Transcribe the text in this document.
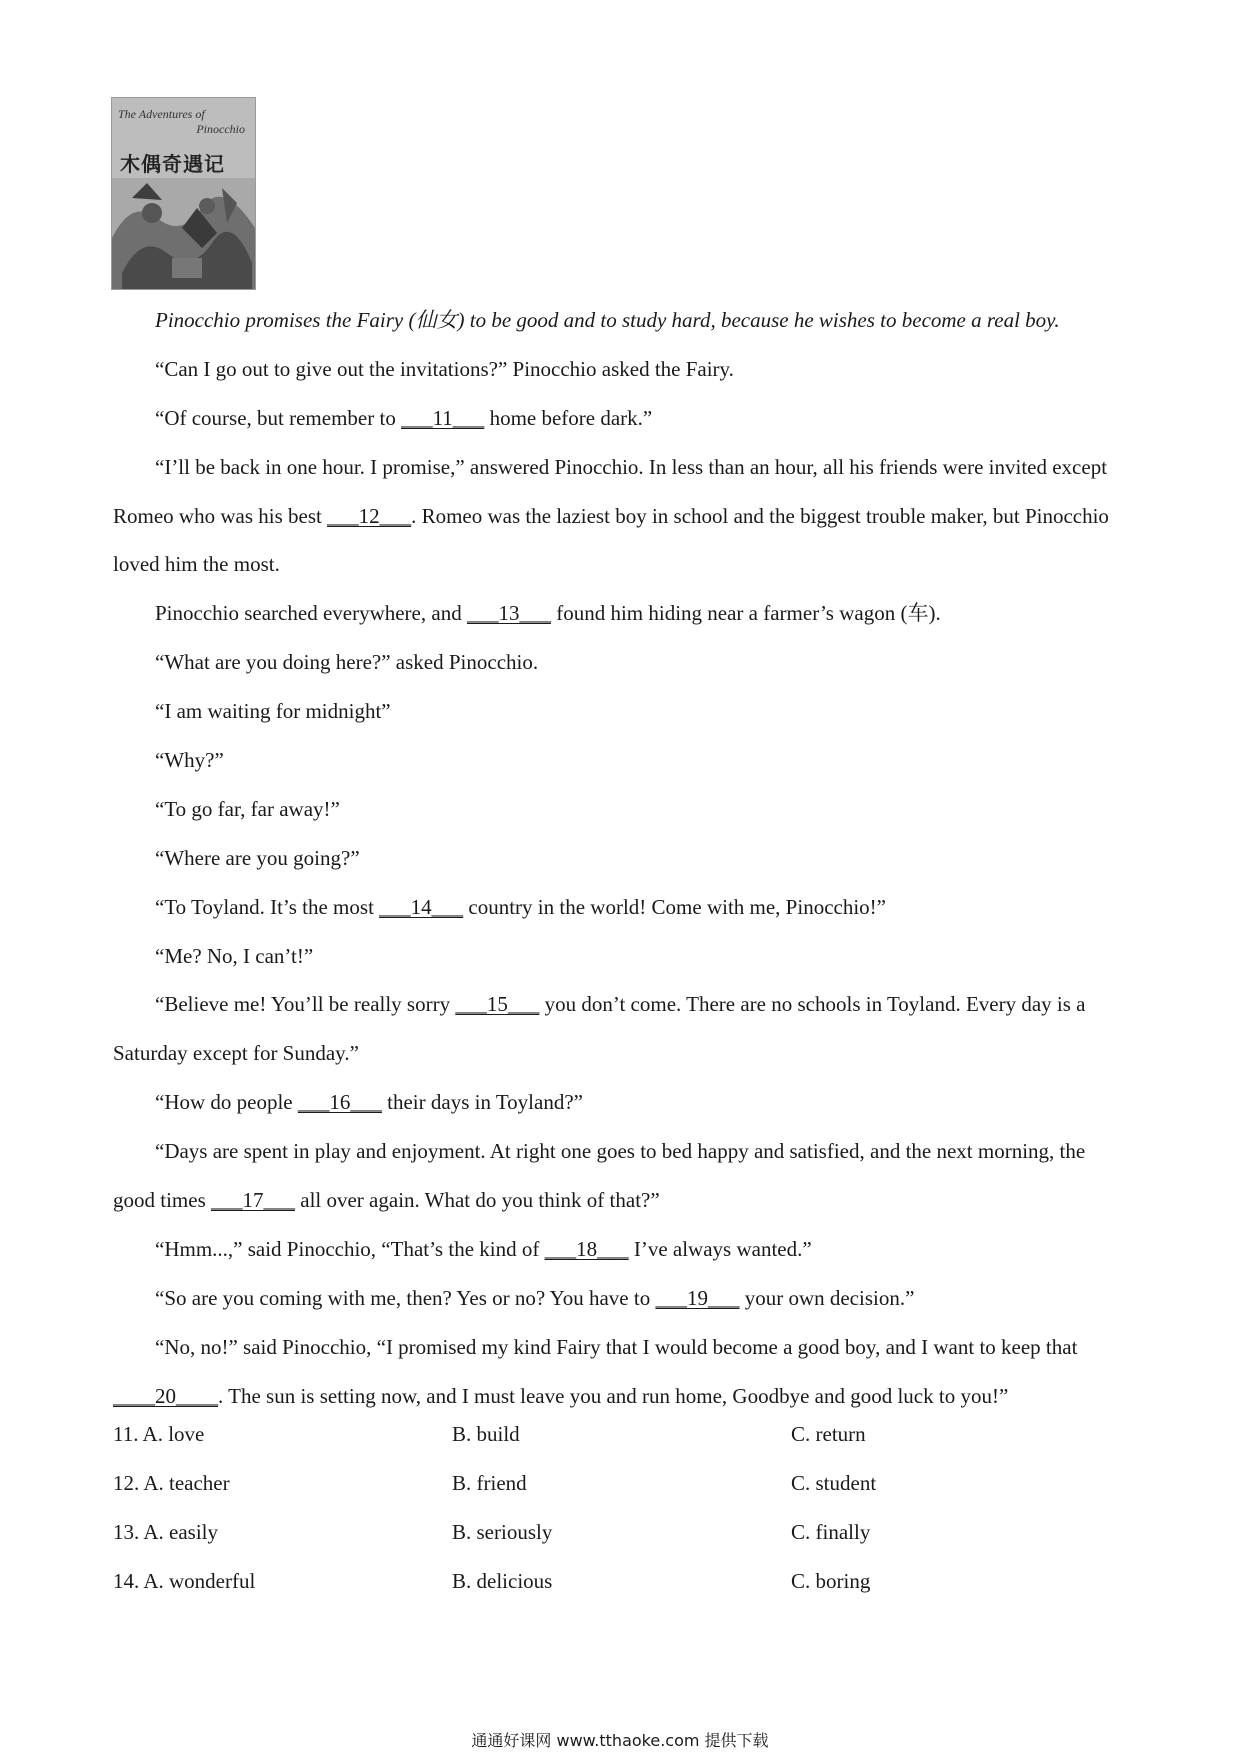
The Adventures of
Pinocchio
木偶奇遇记
Pinocchio promises the Fairy (仙女) to be good and to study hard, because he wishes to become a real boy.
“Can I go out to give out the invitations?” Pinocchio asked the Fairy.
“Of course, but remember to ___11___ home before dark.”
“I’ll be back in one hour. I promise,” answered Pinocchio. In less than an hour, all his friends were invited except
Romeo who was his best ___12___. Romeo was the laziest boy in school and the biggest trouble maker, but Pinocchio
loved him the most.
Pinocchio searched everywhere, and ___13___ found him hiding near a farmer’s wagon (车).
“What are you doing here?” asked Pinocchio.
“I am waiting for midnight”
“Why?”
“To go far, far away!”
“Where are you going?”
“To Toyland. It’s the most ___14___ country in the world! Come with me, Pinocchio!”
“Me? No, I can’t!”
“Believe me! You’ll be really sorry ___15___ you don’t come. There are no schools in Toyland. Every day is a
Saturday except for Sunday.”
“How do people ___16___ their days in Toyland?”
“Days are spent in play and enjoyment. At right one goes to bed happy and satisfied, and the next morning, the
good times ___17___ all over again. What do you think of that?”
“Hmm...,” said Pinocchio, “That’s the kind of ___18___ I’ve always wanted.”
“So are you coming with me, then? Yes or no? You have to ___19___ your own decision.”
“No, no!” said Pinocchio, “I promised my kind Fairy that I would become a good boy, and I want to keep that
____20____. The sun is setting now, and I must leave you and run home, Goodbye and good luck to you!”
11. A. love	B. build	C. return
12. A. teacher	B. friend	C. student
13. A. easily	B. seriously	C. finally
14. A. wonderful	B. delicious	C. boring
通通好课网 www.tthaoke.com 提供下载
